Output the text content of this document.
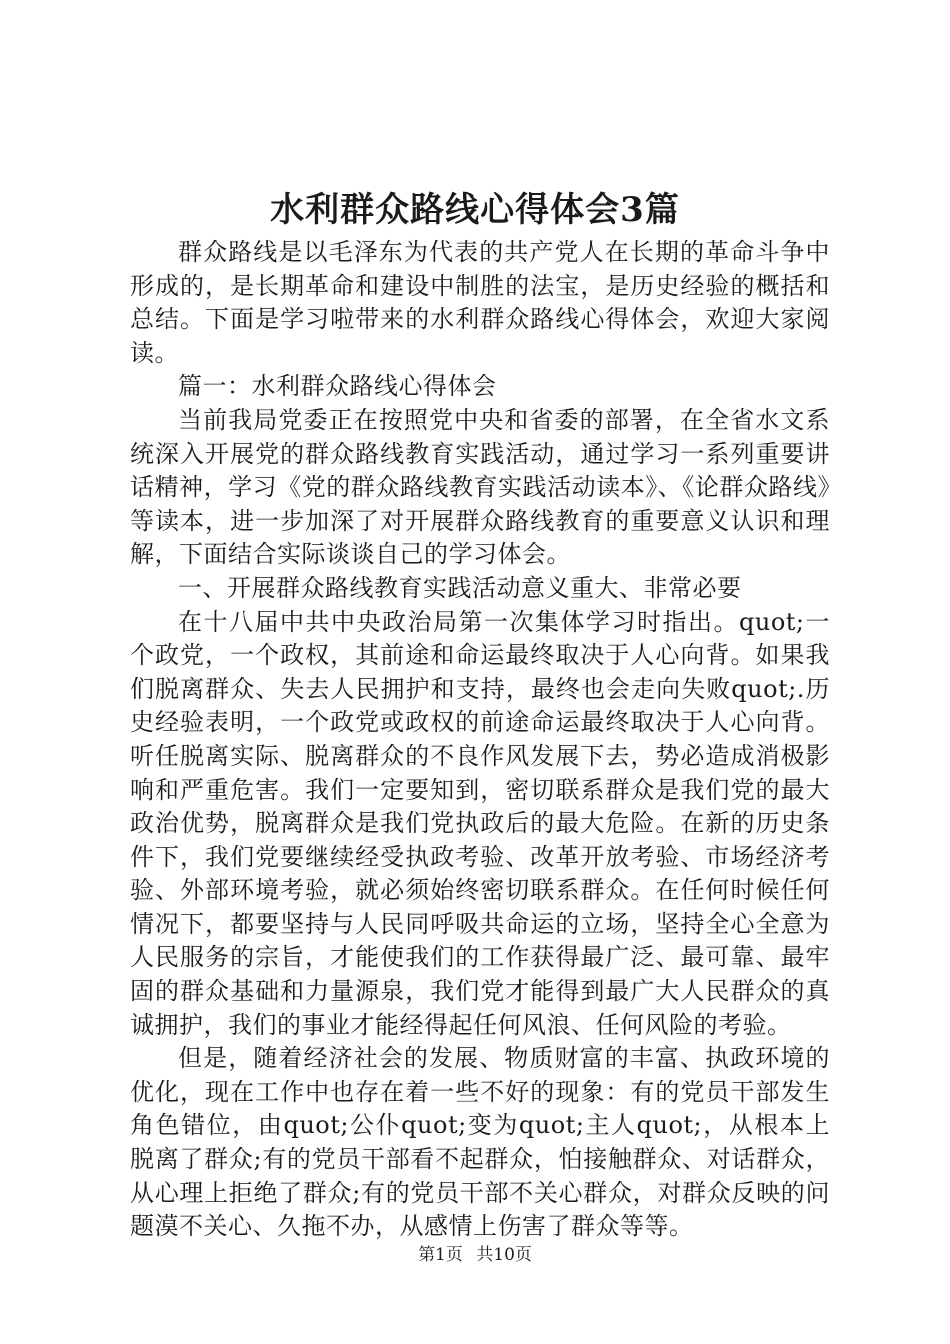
水利群众路线心得体会3篇

群众路线是以毛泽东为代表的共产党人在长期的革命斗争中形成的，是长期革命和建设中制胜的法宝，是历史经验的概括和总结。下面是学习啦带来的水利群众路线心得体会，欢迎大家阅读。

篇一：水利群众路线心得体会

当前我局党委正在按照党中央和省委的部署，在全省水文系统深入开展党的群众路线教育实践活动，通过学习一系列重要讲话精神，学习《党的群众路线教育实践活动读本》、《论群众路线》等读本，进一步加深了对开展群众路线教育的重要意义认识和理解，下面结合实际谈谈自己的学习体会。

一、开展群众路线教育实践活动意义重大、非常必要

在十八届中共中央政治局第一次集体学习时指出。quot;一个政党，一个政权，其前途和命运最终取决于人心向背。如果我们脱离群众、失去人民拥护和支持，最终也会走向失败quot;.历史经验表明，一个政党或政权的前途命运最终取决于人心向背。听任脱离实际、脱离群众的不良作风发展下去，势必造成消极影响和严重危害。我们一定要知到，密切联系群众是我们党的最大政治优势，脱离群众是我们党执政后的最大危险。在新的历史条件下，我们党要继续经受执政考验、改革开放考验、市场经济考验、外部环境考验，就必须始终密切联系群众。在任何时候任何情况下，都要坚持与人民同呼吸共命运的立场，坚持全心全意为人民服务的宗旨，才能使我们的工作获得最广泛、最可靠、最牢固的群众基础和力量源泉，我们党才能得到最广大人民群众的真诚拥护，我们的事业才能经得起任何风浪、任何风险的考验。

但是，随着经济社会的发展、物质财富的丰富、执政环境的优化，现在工作中也存在着一些不好的现象：有的党员干部发生角色错位，由quot;公仆quot;变为quot;主人quot;，从根本上脱离了群众;有的党员干部看不起群众，怕接触群众、对话群众，从心理上拒绝了群众;有的党员干部不关心群众，对群众反映的问题漠不关心、久拖不办，从感情上伤害了群众等等。

第1页 共10页
